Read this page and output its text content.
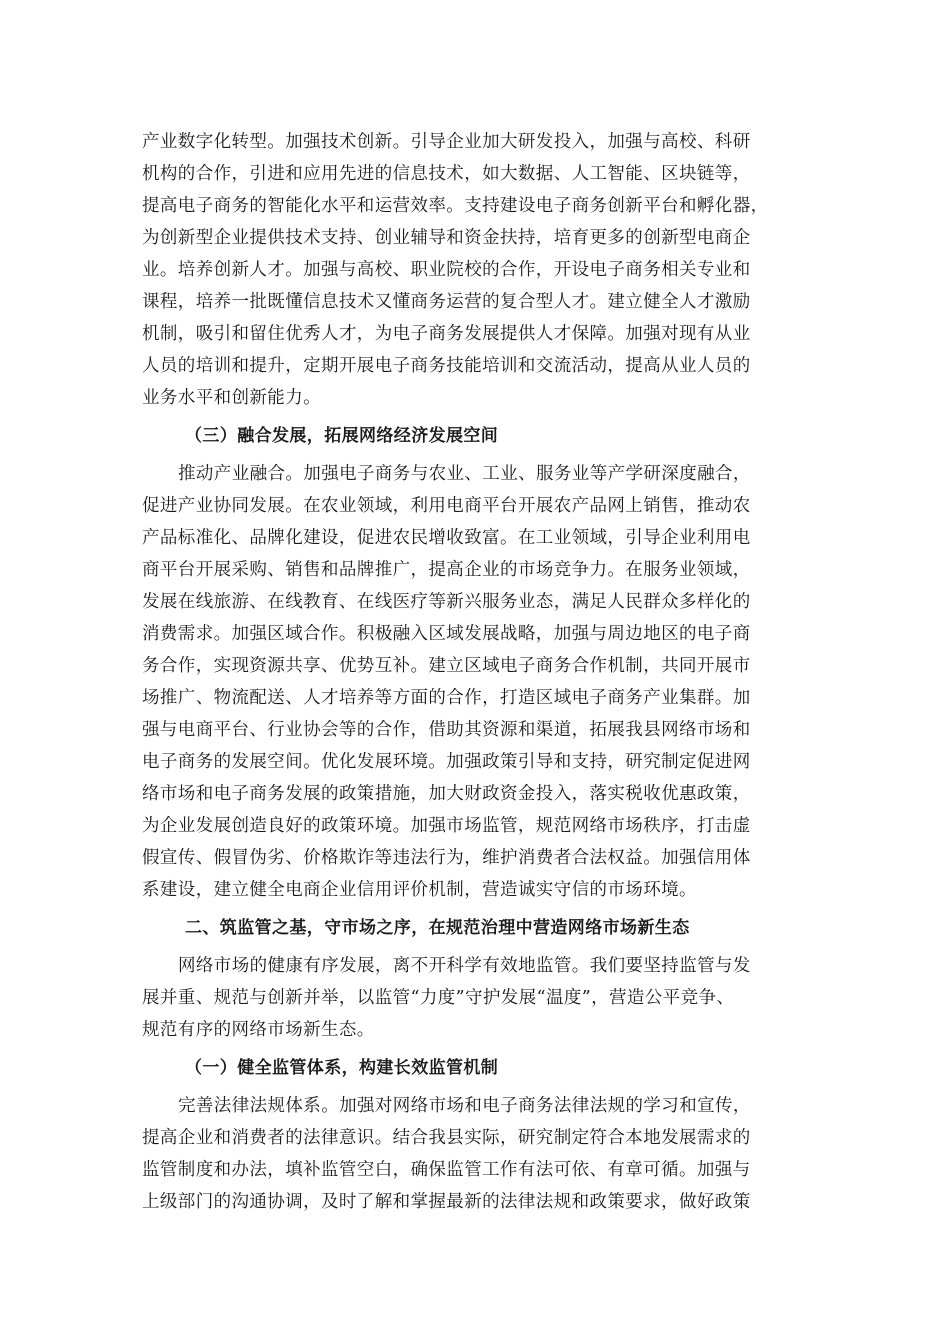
产业数字化转型。加强技术创新。引导企业加大研发投入，加强与高校、科研
机构的合作，引进和应用先进的信息技术，如大数据、人工智能、区块链等，
提高电子商务的智能化水平和运营效率。支持建设电子商务创新平台和孵化器，
为创新型企业提供技术支持、创业辅导和资金扶持，培育更多的创新型电商企
业。培养创新人才。加强与高校、职业院校的合作，开设电子商务相关专业和
课程，培养一批既懂信息技术又懂商务运营的复合型人才。建立健全人才激励
机制，吸引和留住优秀人才，为电子商务发展提供人才保障。加强对现有从业
人员的培训和提升，定期开展电子商务技能培训和交流活动，提高从业人员的
业务水平和创新能力。
（三）融合发展，拓展网络经济发展空间
推动产业融合。加强电子商务与农业、工业、服务业等产学研深度融合，
促进产业协同发展。在农业领域，利用电商平台开展农产品网上销售，推动农
产品标准化、品牌化建设，促进农民增收致富。在工业领域，引导企业利用电
商平台开展采购、销售和品牌推广，提高企业的市场竞争力。在服务业领域，
发展在线旅游、在线教育、在线医疗等新兴服务业态，满足人民群众多样化的
消费需求。加强区域合作。积极融入区域发展战略，加强与周边地区的电子商
务合作，实现资源共享、优势互补。建立区域电子商务合作机制，共同开展市
场推广、物流配送、人才培养等方面的合作，打造区域电子商务产业集群。加
强与电商平台、行业协会等的合作，借助其资源和渠道，拓展我县网络市场和
电子商务的发展空间。优化发展环境。加强政策引导和支持，研究制定促进网
络市场和电子商务发展的政策措施，加大财政资金投入，落实税收优惠政策，
为企业发展创造良好的政策环境。加强市场监管，规范网络市场秩序，打击虚
假宣传、假冒伪劣、价格欺诈等违法行为，维护消费者合法权益。加强信用体
系建设，建立健全电商企业信用评价机制，营造诚实守信的市场环境。
二、筑监管之基，守市场之序，在规范治理中营造网络市场新生态
网络市场的健康有序发展，离不开科学有效地监管。我们要坚持监管与发
展并重、规范与创新并举，以监管“力度”守护发展“温度”，营造公平竞争、
规范有序的网络市场新生态。
（一）健全监管体系，构建长效监管机制
完善法律法规体系。加强对网络市场和电子商务法律法规的学习和宣传，
提高企业和消费者的法律意识。结合我县实际，研究制定符合本地发展需求的
监管制度和办法，填补监管空白，确保监管工作有法可依、有章可循。加强与
上级部门的沟通协调，及时了解和掌握最新的法律法规和政策要求，做好政策
